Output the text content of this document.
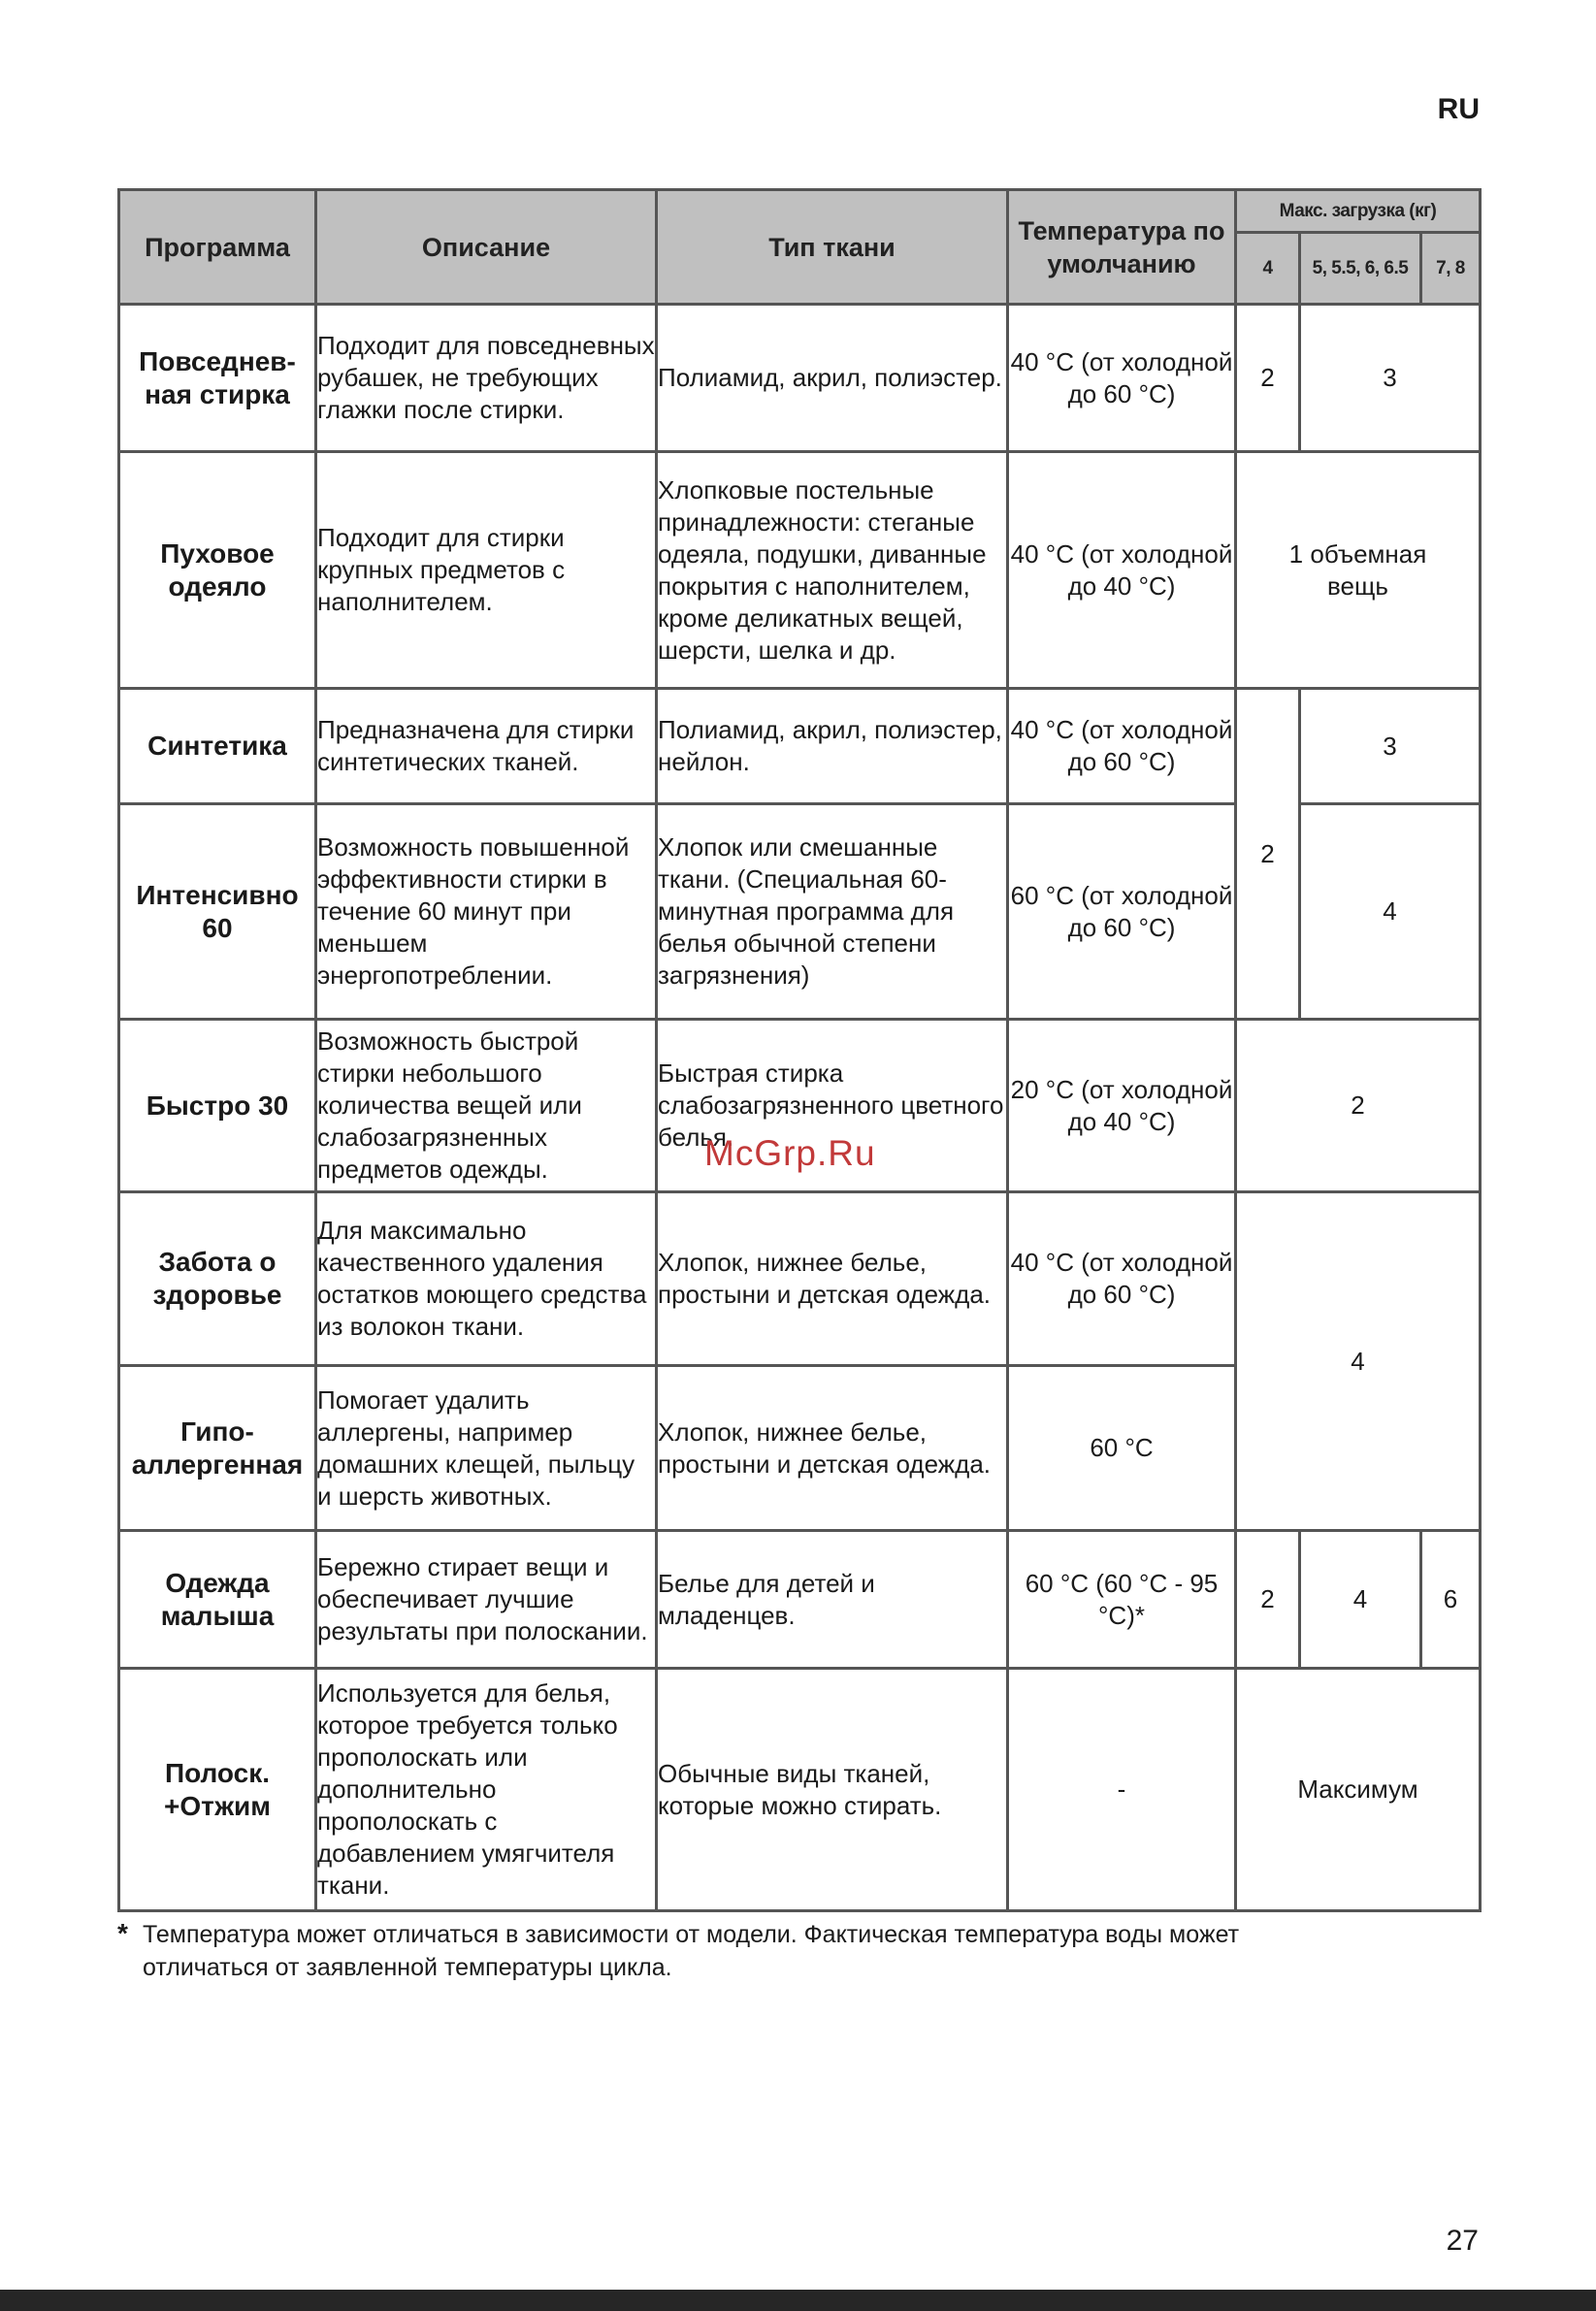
RU
Программа	Описание	Тип ткани	Температура по умолчанию	Макс. загрузка (кг)		
				4	5, 5.5, 6, 6.5	7, 8
Повседнев-ная стирка	Подходит для повседневных рубашек, не требующих глажки после стирки.	Полиамид, акрил, полиэстер.	40 °C (от холодной до 60 °C)	2	3	
Пуховое одеяло	Подходит для стирки крупных предметов с наполнителем.	Хлопковые постельные принадлежности: стеганые одеяла, подушки, диванные покрытия с наполнителем, кроме деликатных вещей, шерсти, шелка и др.	40 °C (от холодной до 40 °C)	1 объемная вещь		
Синтетика	Предназначена для стирки синтетических тканей.	Полиамид, акрил, полиэстер, нейлон.	40 °C (от холодной до 60 °C)	2	3	
Интенсивно 60	Возможность повышенной эффективности стирки в течение 60 минут при меньшем энергопотреблении.	Хлопок или смешанные ткани. (Специальная 60-минутная программа для белья обычной степени загрязнения)	60 °C (от холодной до 60 °C)		4	
Быстро 30	Возможность быстрой стирки небольшого количества вещей или слабозагрязненных предметов одежды.	Быстрая стирка слабозагрязненного цветного белья.	20 °C (от холодной до 40 °C)	2		
Забота о здоровье	Для максимально качественного удаления остатков моющего средства из волокон ткани.	Хлопок, нижнее белье, простыни и детская одежда.	40 °C (от холодной до 60 °C)	4		
Гипо-аллергенная	Помогает удалить аллергены, например домашних клещей, пыльцу и шерсть животных.	Хлопок, нижнее белье, простыни и детская одежда.	60 °C			
Одежда малыша	Бережно стирает вещи и обеспечивает лучшие результаты при полоскании.	Белье для детей и младенцев.	60 °C (60 °C - 95 °C)*	2	4	6
Полоск. +Отжим	Используется для белья, которое требуется только прополоскать или дополнительно прополоскать с добавлением умягчителя ткани.	Обычные виды тканей, которые можно стирать.	-	Максимум		
* Температура может отличаться в зависимости от модели. Фактическая температура воды может
отличаться от заявленной температуры цикла.
McGrp.Ru
27
